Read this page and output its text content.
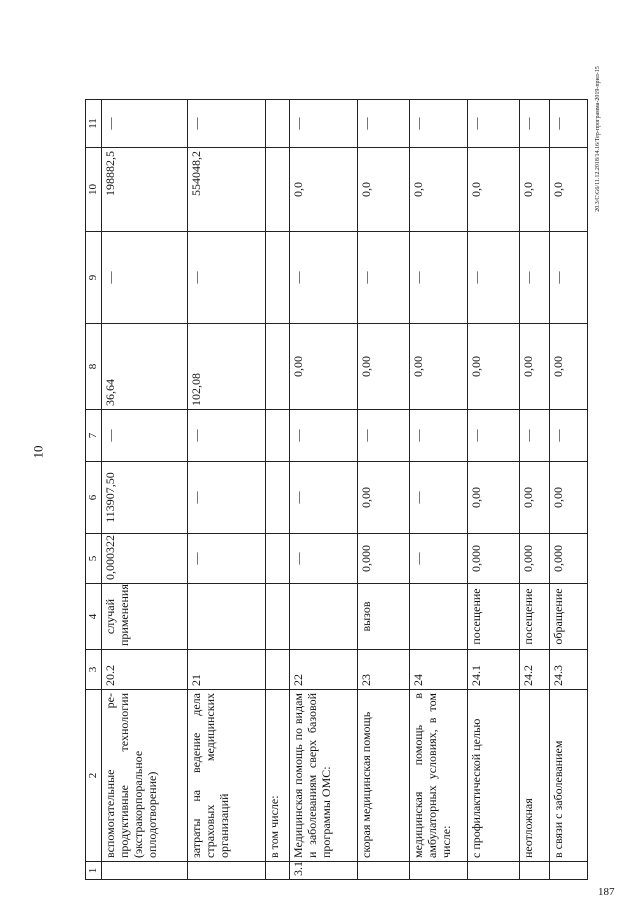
10
20.3/C\G6/11.12.2018/14.16/Тер-программа-2019-прил-15
187
1	2	3	4	5	6	7	8	9	10	11
	вспомогательные ре-продуктивные технологии (экстракорпоральное оплодотворение)	20.2	случай применения	0,000322	113907,50	—	36,64	—	198882,5	—
	затраты на ведение дела страховых медицинских организаций	21		—	—	—	102,08	—	554048,2	—
	в том числе:									
3.1	Медицинская помощь по видам и заболеваниям сверх базовой программы ОМС:	22		—	—	—	0,00	—	0,0	—
	скорая медицинская помощь	23	вызов	0,000	0,00	—	0,00	—	0,0	—
	медицинская помощь в амбулаторных условиях, в том числе:	24		—	—	—	0,00	—	0,0	—
	с профилактической целью	24.1	посещение	0,000	0,00	—	0,00	—	0,0	—
	неотложная	24.2	посещение	0,000	0,00	—	0,00	—	0,0	—
	в связи с заболеванием	24.3	обращение	0,000	0,00	—	0,00	—	0,0	—
